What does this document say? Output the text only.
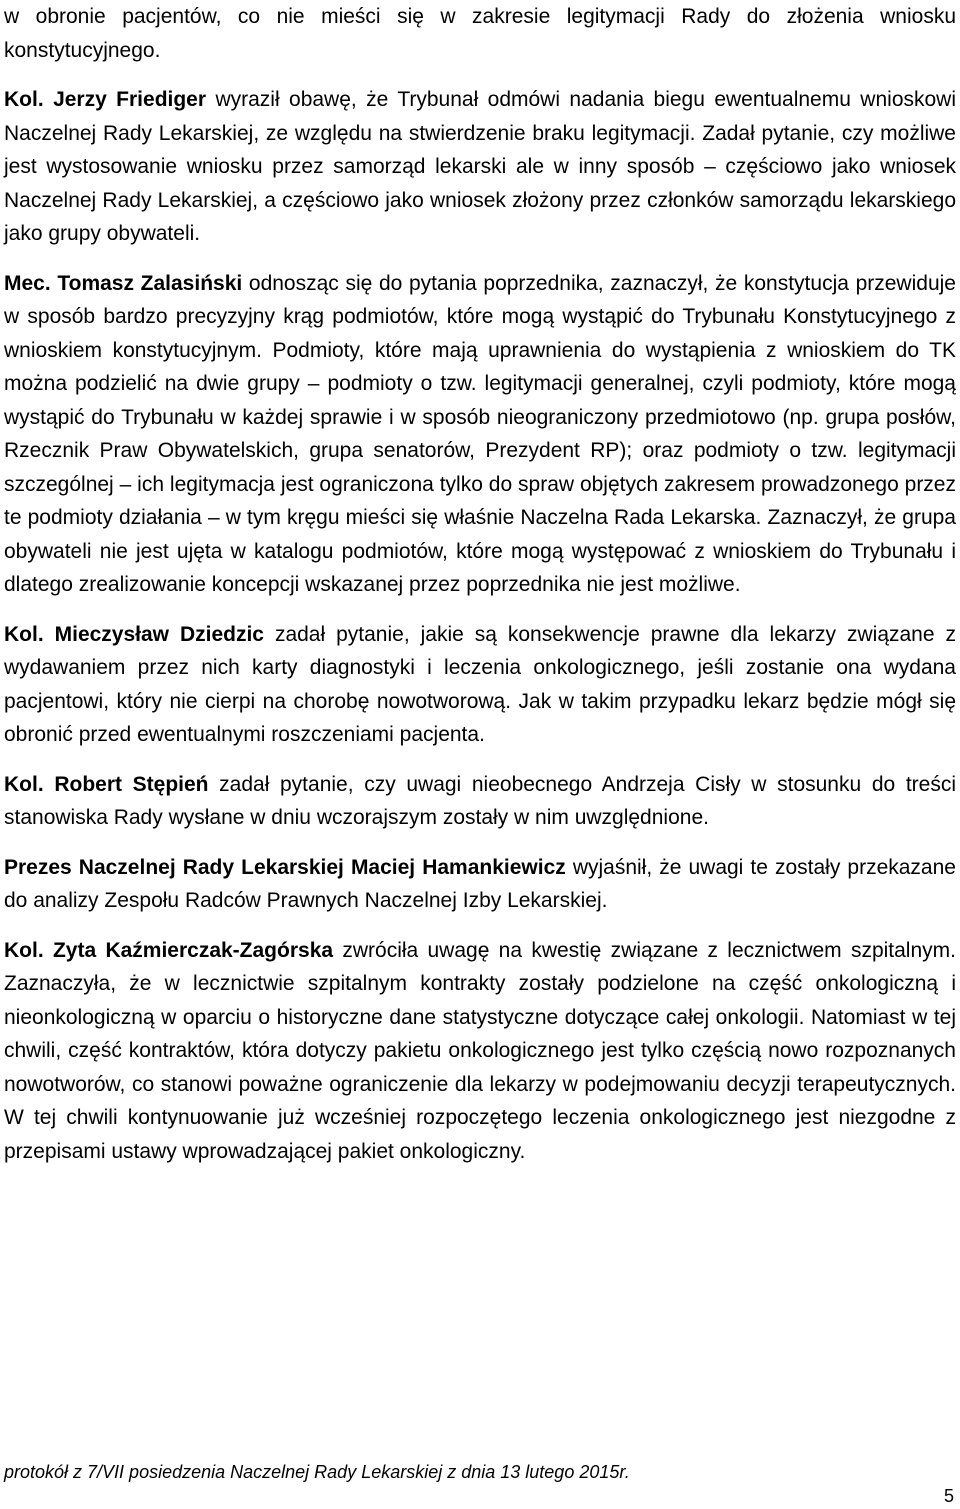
w obronie pacjentów, co nie mieści się w zakresie legitymacji Rady do złożenia wniosku konstytucyjnego.

Kol. Jerzy Friediger wyraził obawę, że Trybunał odmówi nadania biegu ewentualnemu wnioskowi Naczelnej Rady Lekarskiej, ze względu na stwierdzenie braku legitymacji. Zadał pytanie, czy możliwe jest wystosowanie wniosku przez samorząd lekarski ale w inny sposób – częściowo jako wniosek Naczelnej Rady Lekarskiej, a częściowo jako wniosek złożony przez członków samorządu lekarskiego jako grupy obywateli.

Mec. Tomasz Zalasiński odnosząc się do pytania poprzednika, zaznaczył, że konstytucja przewiduje w sposób bardzo precyzyjny krąg podmiotów, które mogą wystąpić do Trybunału Konstytucyjnego z wnioskiem konstytucyjnym. Podmioty, które mają uprawnienia do wystąpienia z wnioskiem do TK można podzielić na dwie grupy – podmioty o tzw. legitymacji generalnej, czyli podmioty, które mogą wystąpić do Trybunału w każdej sprawie i w sposób nieograniczony przedmiotowo (np. grupa posłów, Rzecznik Praw Obywatelskich, grupa senatorów, Prezydent RP); oraz podmioty o tzw. legitymacji szczególnej – ich legitymacja jest ograniczona tylko do spraw objętych zakresem prowadzonego przez te podmioty działania – w tym kręgu mieści się właśnie Naczelna Rada Lekarska. Zaznaczył, że grupa obywateli nie jest ujęta w katalogu podmiotów, które mogą występować z wnioskiem do Trybunału i dlatego zrealizowanie koncepcji wskazanej przez poprzednika nie jest możliwe.

Kol. Mieczysław Dziedzic zadał pytanie, jakie są konsekwencje prawne dla lekarzy związane z wydawaniem przez nich karty diagnostyki i leczenia onkologicznego, jeśli zostanie ona wydana pacjentowi, który nie cierpi na chorobę nowotworową. Jak w takim przypadku lekarz będzie mógł się obronić przed ewentualnymi roszczeniami pacjenta.

Kol. Robert Stępień zadał pytanie, czy uwagi nieobecnego Andrzeja Cisły w stosunku do treści stanowiska Rady wysłane w dniu wczorajszym zostały w nim uwzględnione.

Prezes Naczelnej Rady Lekarskiej Maciej Hamankiewicz wyjaśnił, że uwagi te zostały przekazane do analizy Zespołu Radców Prawnych Naczelnej Izby Lekarskiej.

Kol. Zyta Kaźmierczak-Zagórska zwróciła uwagę na kwestię związane z lecznictwem szpitalnym. Zaznaczyła, że w lecznictwie szpitalnym kontrakty zostały podzielone na część onkologiczną i nieonkologiczną w oparciu o historyczne dane statystyczne dotyczące całej onkologii. Natomiast w tej chwili, część kontraktów, która dotyczy pakietu onkologicznego jest tylko częścią nowo rozpoznanych nowotworów, co stanowi poważne ograniczenie dla lekarzy w podejmowaniu decyzji terapeutycznych. W tej chwili kontynuowanie już wcześniej rozpoczętego leczenia onkologicznego jest niezgodne z przepisami ustawy wprowadzającej pakiet onkologiczny.

protokół z 7/VII posiedzenia Naczelnej Rady Lekarskiej z dnia 13 lutego 2015r.
5
